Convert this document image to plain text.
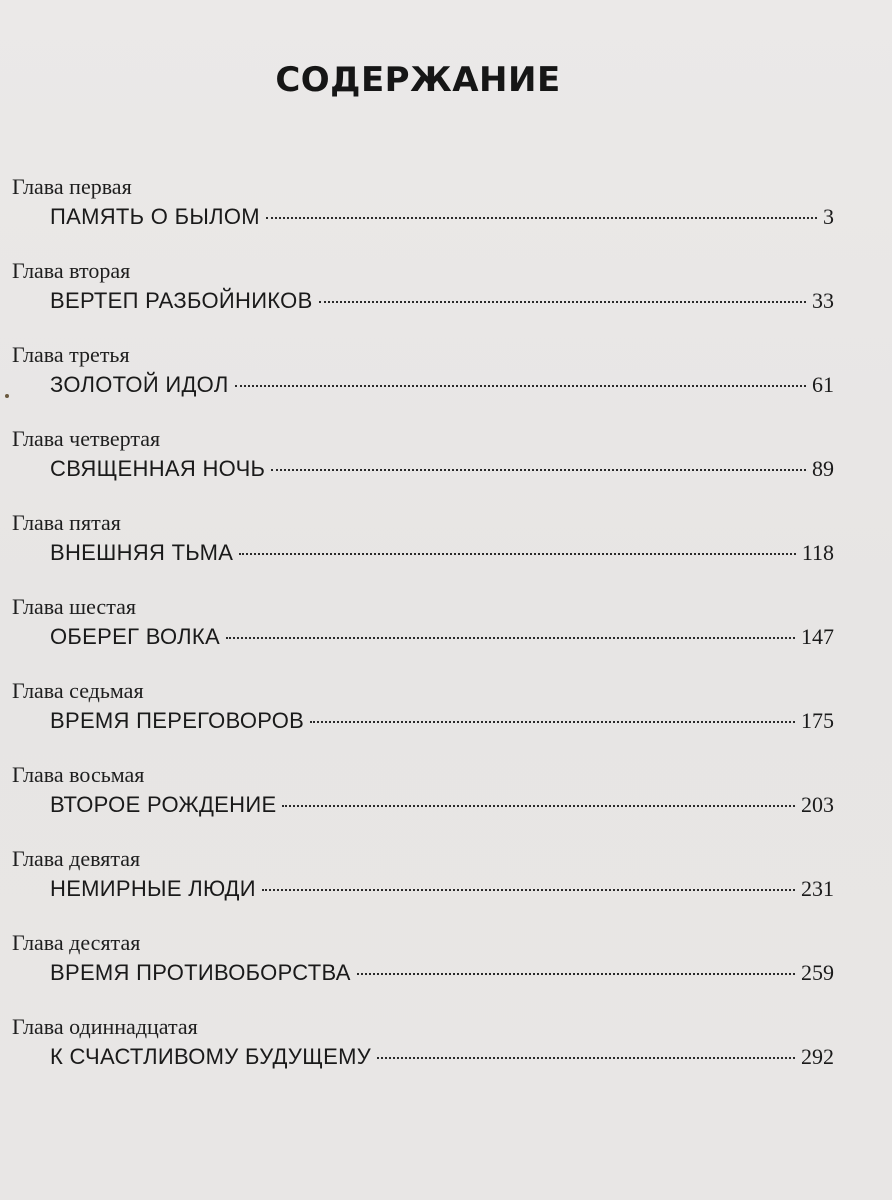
СОДЕРЖАНИЕ
Глава первая
ПАМЯТЬ О БЫЛОМ	3
Глава вторая
ВЕРТЕП РАЗБОЙНИКОВ	33
Глава третья
ЗОЛОТОЙ ИДОЛ	61
Глава четвертая
СВЯЩЕННАЯ НОЧЬ	89
Глава пятая
ВНЕШНЯЯ ТЬМА	118
Глава шестая
ОБЕРЕГ ВОЛКА	147
Глава седьмая
ВРЕМЯ ПЕРЕГОВОРОВ	175
Глава восьмая
ВТОРОЕ РОЖДЕНИЕ	203
Глава девятая
НЕМИРНЫЕ ЛЮДИ	231
Глава десятая
ВРЕМЯ ПРОТИВОБОРСТВА	259
Глава одиннадцатая
К СЧАСТЛИВОМУ БУДУЩЕМУ	292
